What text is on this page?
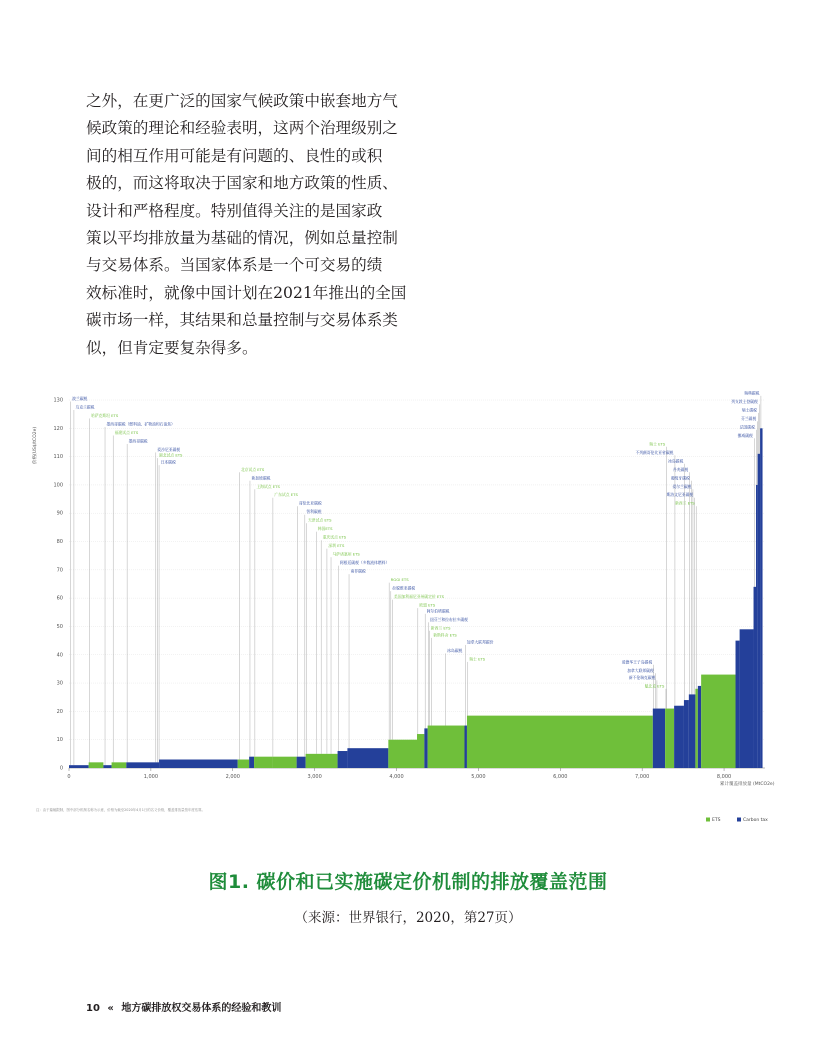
之外，在更广泛的国家气候政策中嵌套地方气
候政策的理论和经验表明，这两个治理级别之
间的相互作用可能是有问题的、良性的或积
极的，而这将取决于国家和地方政策的性质、
设计和严格程度。特别值得关注的是国家政
策以平均排放量为基础的情况，例如总量控制
与交易体系。当国家体系是一个可交易的绩
效标准时，就像中国计划在2021年推出的全国
碳市场一样，其结果和总量控制与交易体系类
似，但肯定要复杂得多。
0
10
20
30
40
50
60
70
80
90
100
110
120
130
0	1,000	2,000	3,000	4,000	5,000	6,000	7,000	8,000
价格(US$/tCO2e)
累计覆盖排放量 (MtCO2e)
波兰碳税
乌克兰碳税
哈萨克斯坦 ETS
墨西哥碳税（燃料油、矿物油和石油焦）
福建试点 ETS
墨西哥碳税
爱沙尼亚碳税
湖北试点 ETS
日本碳税
北京试点 ETS
新加坡碳税
上海试点 ETS
广东试点 ETS
哥伦比亚碳税
智利碳税
天津试点 ETS
韩国ETS
重庆试点 ETS
深圳 ETS
马萨诸塞州 ETS
阿根廷碳税（多数液体燃料）
南非碳税
RGGI ETS
拉脱维亚碳税
美国加利福尼亚州碳定价 ETS
欧盟 ETS
阿尔伯塔碳税
纽芬兰和拉布拉多碳税
新西兰 ETS
新斯科舍 ETS
加拿大联邦碳价
冰岛碳税
瑞士 ETS
爱德华王子岛碳税
加拿大联邦碳税
新不伦瑞克碳税
魁北克 ETS
瑞士 ETS
不列颠哥伦比亚省碳税
冰岛碳税
丹麦碳税
葡萄牙碳税
爱尔兰碳税
斯洛文尼亚碳税
新西兰 ETS
瑞典碳税
列支敦士登碳税
瑞士碳税
芬兰碳税
法国碳税
挪威碳税
ETS	Carbon tax
注：由于篇幅限制，图中部分机制名称为示意，价格为截至2020年4月1日的名义价格，覆盖排放量按年度估算。

图1. 碳价和已实施碳定价机制的排放覆盖范围

（来源：世界银行，2020，第27页）

10 « 地方碳排放权交易体系的经验和教训
